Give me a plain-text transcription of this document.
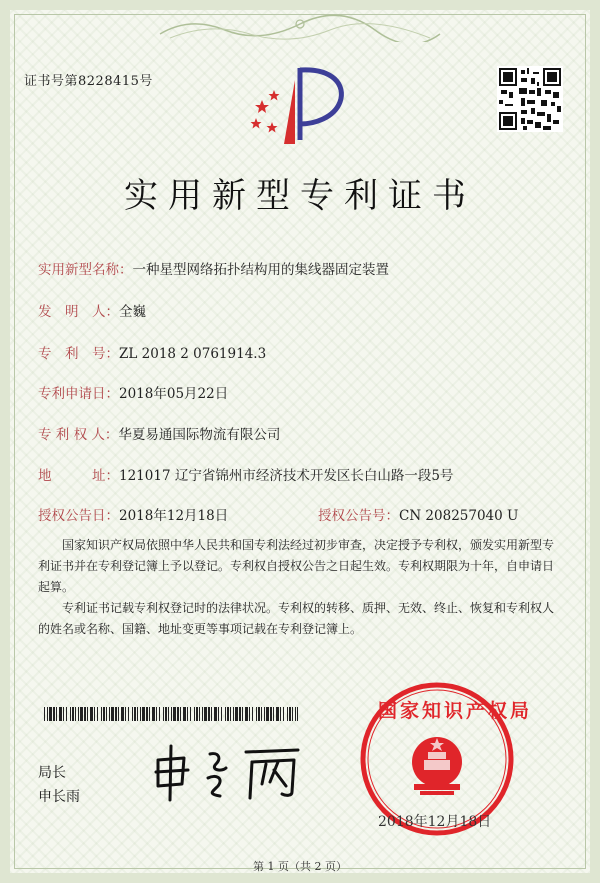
证书号第8228415号
实用新型专利证书
实用新型名称：一种星型网络拓扑结构用的集线器固定装置
发　明　人：全巍
专　利　号：ZL 2018 2 0761914.3
专利申请日：2018年05月22日
专 利 权 人：华夏易通国际物流有限公司
地　　　址：121017 辽宁省锦州市经济技术开发区长白山路一段5号
授权公告日：2018年12月18日	授权公告号：CN 208257040 U
国家知识产权局依照中华人民共和国专利法经过初步审查，决定授予专利权，颁发实用新型专利证书并在专利登记簿上予以登记。专利权自授权公告之日起生效。专利权期限为十年，自申请日起算。
专利证书记载专利权登记时的法律状况。专利权的转移、质押、无效、终止、恢复和专利权人的姓名或名称、国籍、地址变更等事项记载在专利登记簿上。
局长
申长雨
国家知识产权局
2018年12月18日
第 1 页（共 2 页）
